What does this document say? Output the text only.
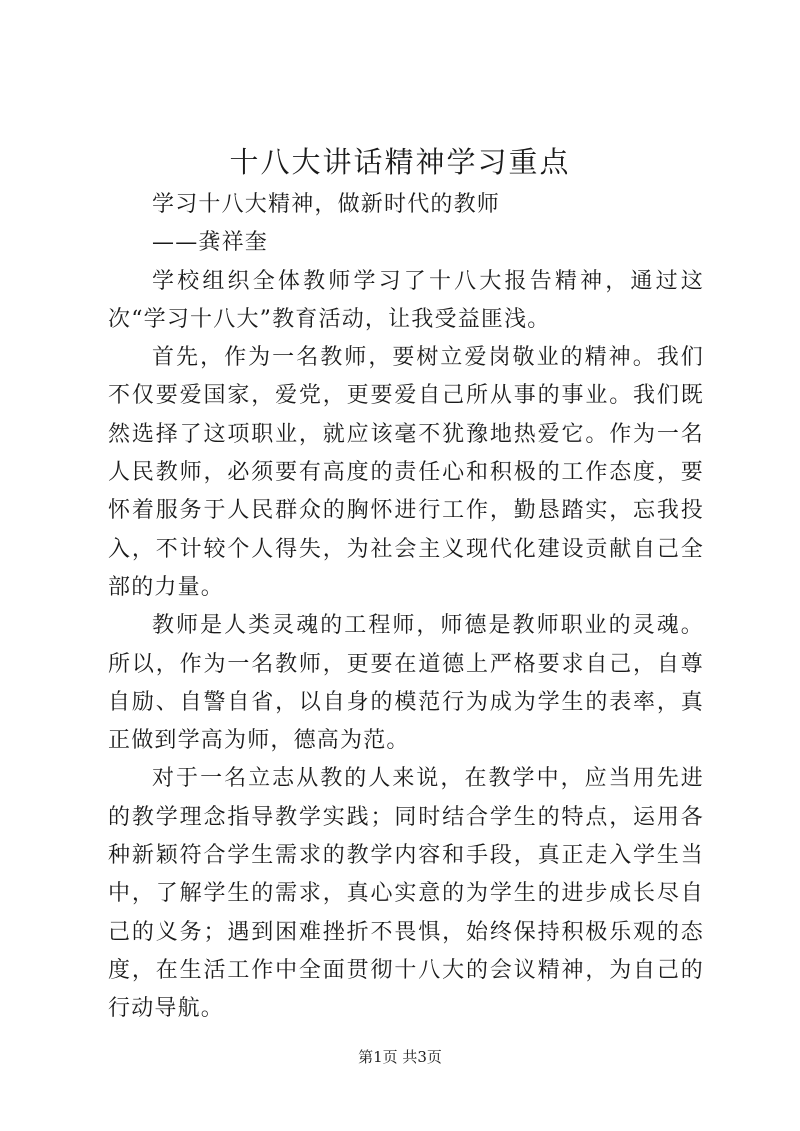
十八大讲话精神学习重点

学习十八大精神，做新时代的教师

——龚祥奎

学校组织全体教师学习了十八大报告精神，通过这次“学习十八大”教育活动，让我受益匪浅。

首先，作为一名教师，要树立爱岗敬业的精神。我们不仅要爱国家，爱党，更要爱自己所从事的事业。我们既然选择了这项职业，就应该毫不犹豫地热爱它。作为一名人民教师，必须要有高度的责任心和积极的工作态度，要怀着服务于人民群众的胸怀进行工作，勤恳踏实，忘我投入，不计较个人得失，为社会主义现代化建设贡献自己全部的力量。

教师是人类灵魂的工程师，师德是教师职业的灵魂。所以，作为一名教师，更要在道德上严格要求自己，自尊自励、自警自省，以自身的模范行为成为学生的表率，真正做到学高为师，德高为范。

对于一名立志从教的人来说，在教学中，应当用先进的教学理念指导教学实践；同时结合学生的特点，运用各种新颖符合学生需求的教学内容和手段，真正走入学生当中，了解学生的需求，真心实意的为学生的进步成长尽自己的义务；遇到困难挫折不畏惧，始终保持积极乐观的态度，在生活工作中全面贯彻十八大的会议精神，为自己的行动导航。

第1页 共3页
